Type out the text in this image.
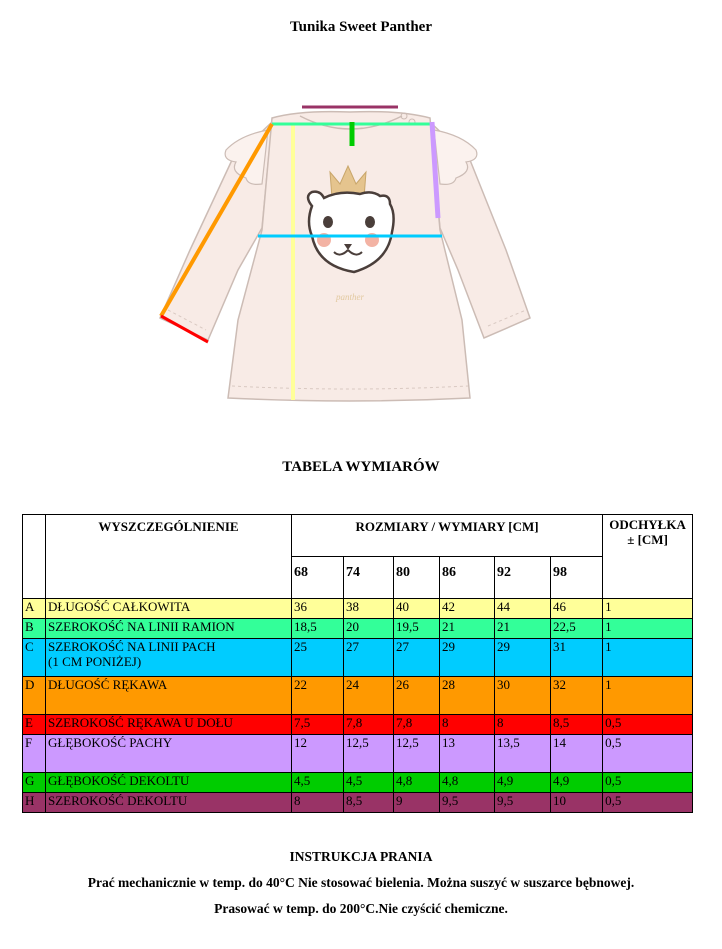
Tunika Sweet Panther
panther
TABELA WYMIARÓW
	WYSZCZEGÓLNIENIE	ROZMIARY / WYMIARY [CM]						ODCHYŁKA ± [CM]
		68	74	80	86	92	98	
A	DŁUGOŚĆ CAŁKOWITA	36	38	40	42	44	46	1
B	SZEROKOŚĆ NA LINII RAMION	18,5	20	19,5	21	21	22,5	1
C	SZEROKOŚĆ NA LINII PACH
(1 CM PONIŻEJ)	25	27	27	29	29	31	1
D	DŁUGOŚĆ RĘKAWA	22	24	26	28	30	32	1
E	SZEROKOŚĆ RĘKAWA U DOŁU	7,5	7,8	7,8	8	8	8,5	0,5
F	GŁĘBOKOŚĆ PACHY	12	12,5	12,5	13	13,5	14	0,5
G	GŁĘBOKOŚĆ DEKOLTU	4,5	4,5	4,8	4,8	4,9	4,9	0,5
H	SZEROKOŚĆ DEKOLTU	8	8,5	9	9,5	9,5	10	0,5
INSTRUKCJA PRANIA
Prać mechanicznie w temp. do 40°C Nie stosować bielenia. Można suszyć w suszarce bębnowej.
Prasować w temp. do 200°C.Nie czyścić chemiczne.
